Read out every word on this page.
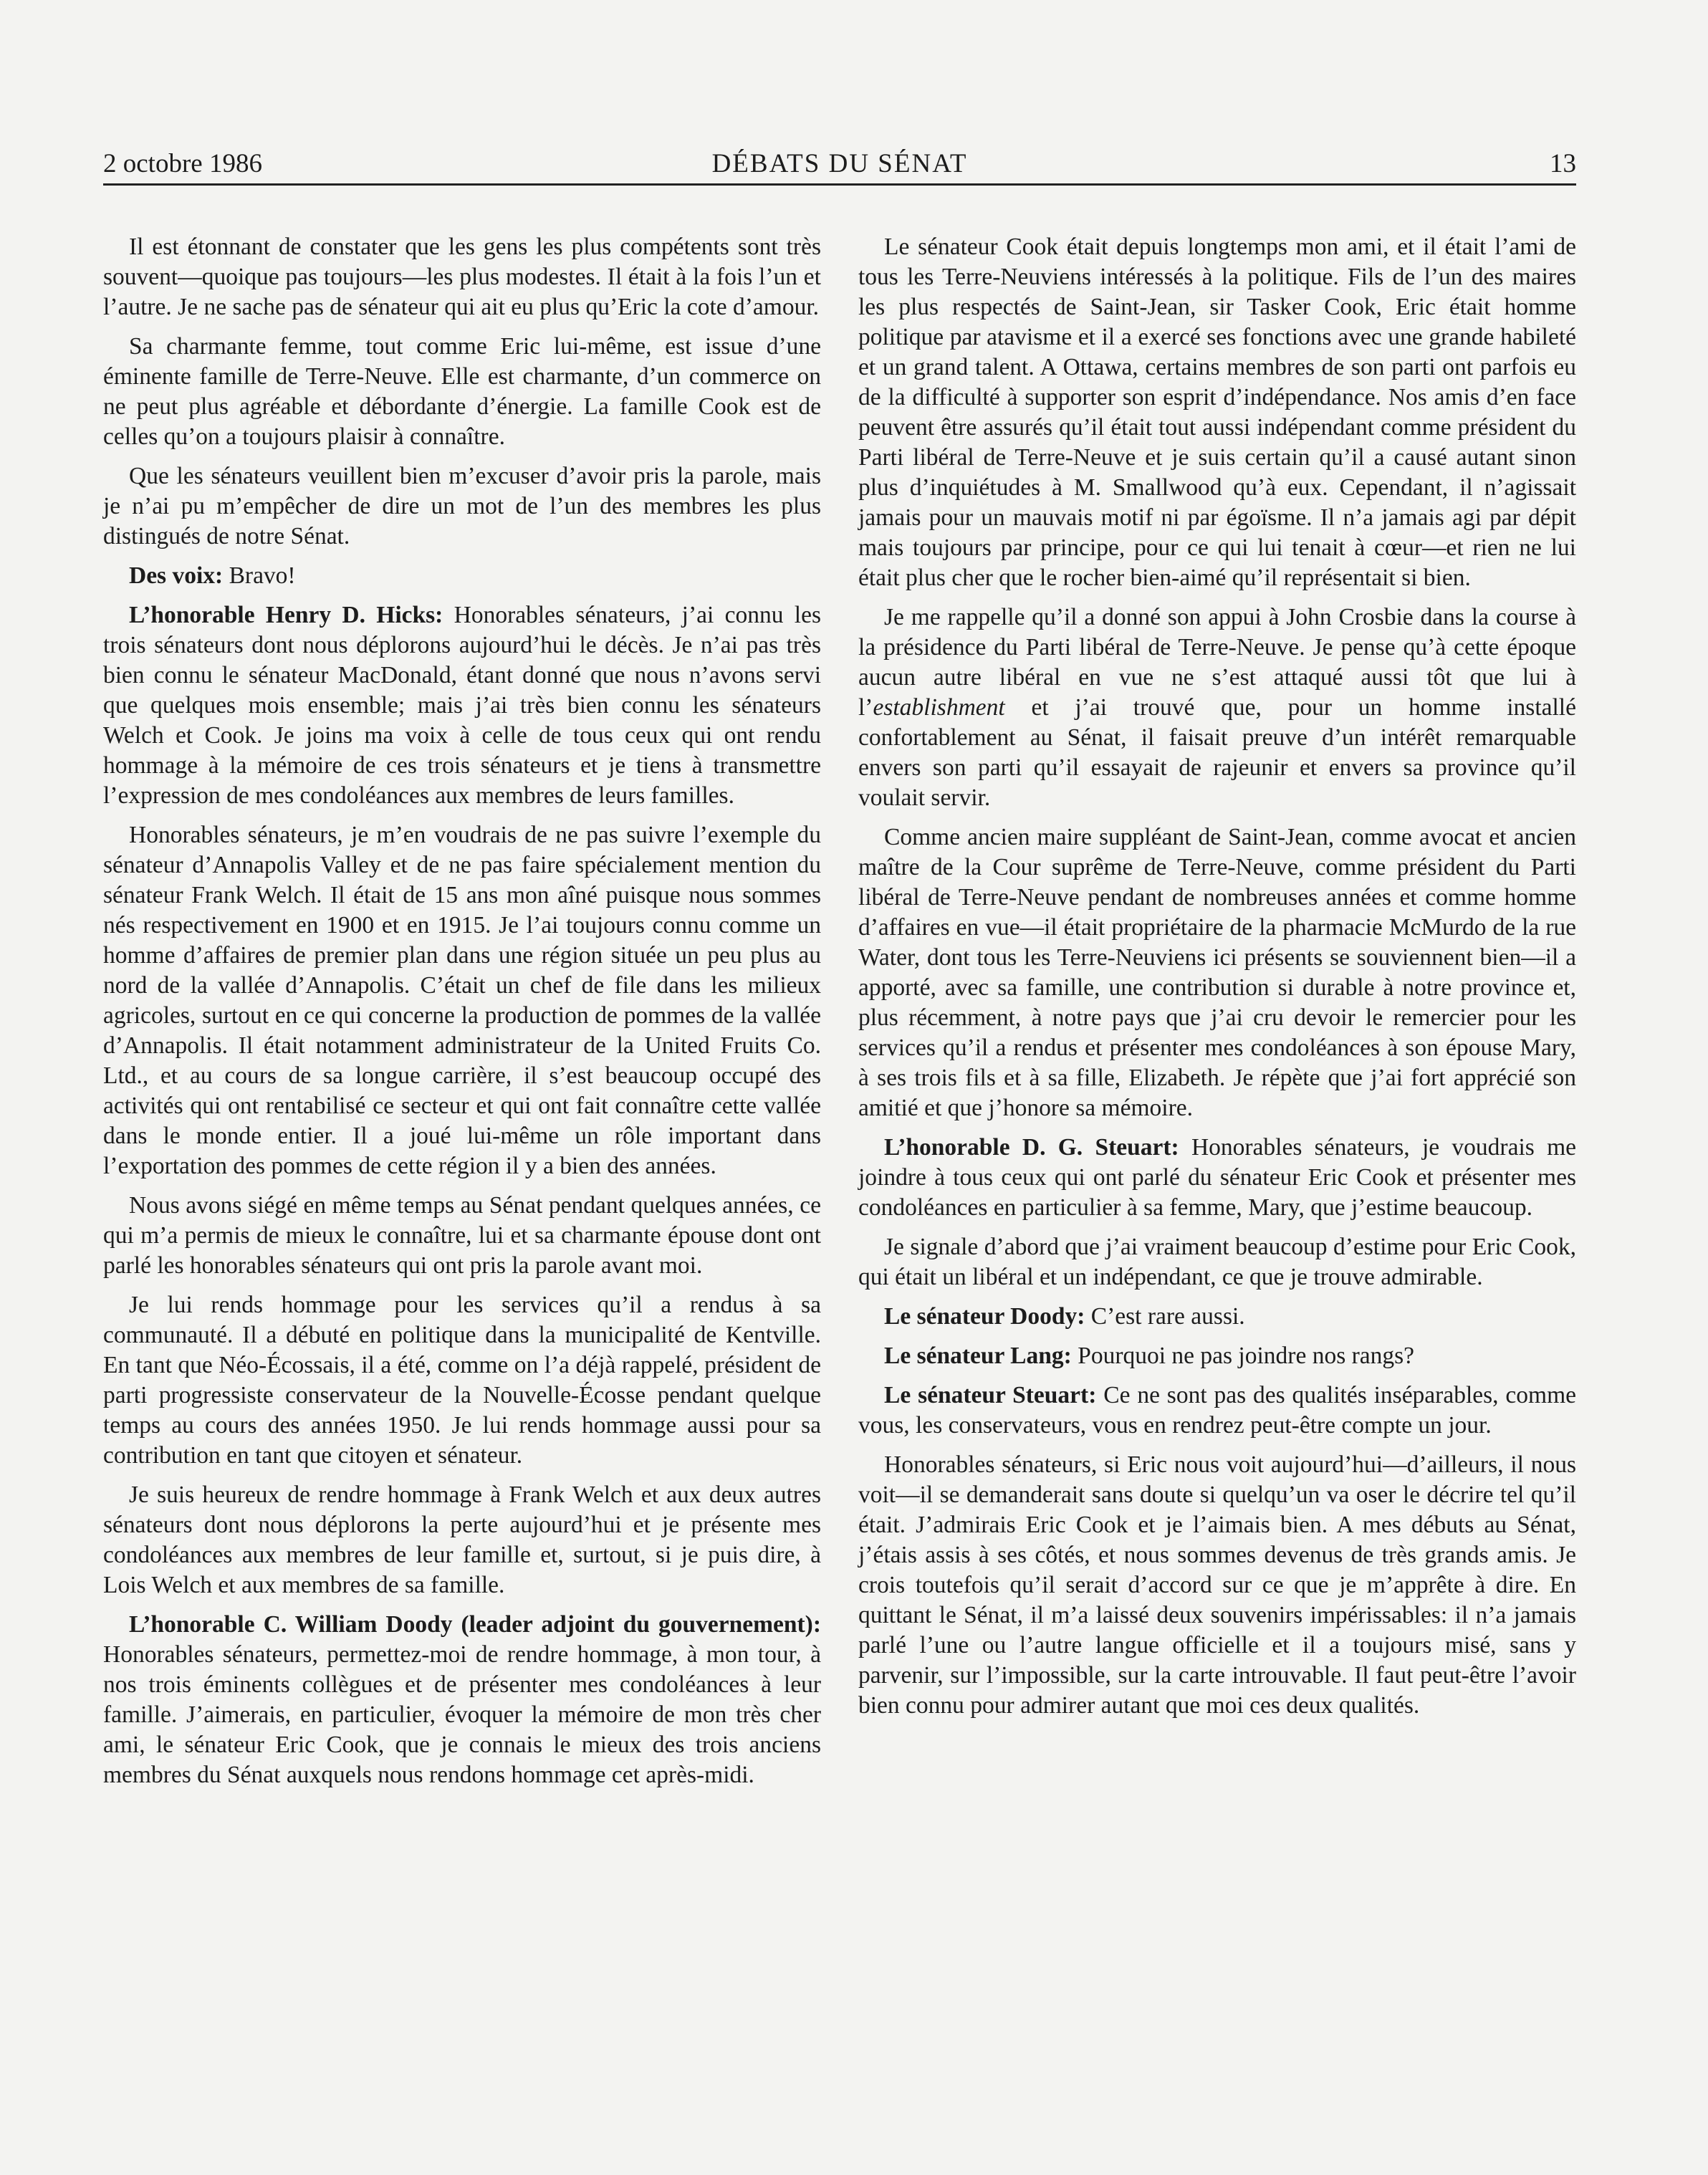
2 octobre 1986	DÉBATS DU SÉNAT	13

Il est étonnant de constater que les gens les plus compétents sont très souvent—quoique pas toujours—les plus modestes. Il était à la fois l’un et l’autre. Je ne sache pas de sénateur qui ait eu plus qu’Eric la cote d’amour.

Sa charmante femme, tout comme Eric lui-même, est issue d’une éminente famille de Terre-Neuve. Elle est charmante, d’un commerce on ne peut plus agréable et débordante d’énergie. La famille Cook est de celles qu’on a toujours plaisir à connaître.

Que les sénateurs veuillent bien m’excuser d’avoir pris la parole, mais je n’ai pu m’empêcher de dire un mot de l’un des membres les plus distingués de notre Sénat.

Des voix: Bravo!

L’honorable Henry D. Hicks: Honorables sénateurs, j’ai connu les trois sénateurs dont nous déplorons aujourd’hui le décès. Je n’ai pas très bien connu le sénateur MacDonald, étant donné que nous n’avons servi que quelques mois ensemble; mais j’ai très bien connu les sénateurs Welch et Cook. Je joins ma voix à celle de tous ceux qui ont rendu hommage à la mémoire de ces trois sénateurs et je tiens à transmettre l’expression de mes condoléances aux membres de leurs familles.

Honorables sénateurs, je m’en voudrais de ne pas suivre l’exemple du sénateur d’Annapolis Valley et de ne pas faire spécialement mention du sénateur Frank Welch. Il était de 15 ans mon aîné puisque nous sommes nés respectivement en 1900 et en 1915. Je l’ai toujours connu comme un homme d’affaires de premier plan dans une région située un peu plus au nord de la vallée d’Annapolis. C’était un chef de file dans les milieux agricoles, surtout en ce qui concerne la production de pommes de la vallée d’Annapolis. Il était notamment administrateur de la United Fruits Co. Ltd., et au cours de sa longue carrière, il s’est beaucoup occupé des activités qui ont rentabilisé ce secteur et qui ont fait connaître cette vallée dans le monde entier. Il a joué lui-même un rôle important dans l’exportation des pommes de cette région il y a bien des années.

Nous avons siégé en même temps au Sénat pendant quelques années, ce qui m’a permis de mieux le connaître, lui et sa charmante épouse dont ont parlé les honorables sénateurs qui ont pris la parole avant moi.

Je lui rends hommage pour les services qu’il a rendus à sa communauté. Il a débuté en politique dans la municipalité de Kentville. En tant que Néo-Écossais, il a été, comme on l’a déjà rappelé, président de parti progressiste conservateur de la Nouvelle-Écosse pendant quelque temps au cours des années 1950. Je lui rends hommage aussi pour sa contribution en tant que citoyen et sénateur.

Je suis heureux de rendre hommage à Frank Welch et aux deux autres sénateurs dont nous déplorons la perte aujourd’hui et je présente mes condoléances aux membres de leur famille et, surtout, si je puis dire, à Lois Welch et aux membres de sa famille.

L’honorable C. William Doody (leader adjoint du gouvernement): Honorables sénateurs, permettez-moi de rendre hommage, à mon tour, à nos trois éminents collègues et de présenter mes condoléances à leur famille. J’aimerais, en particulier, évoquer la mémoire de mon très cher ami, le sénateur Eric Cook, que je connais le mieux des trois anciens membres du Sénat auxquels nous rendons hommage cet après-midi.

Le sénateur Cook était depuis longtemps mon ami, et il était l’ami de tous les Terre-Neuviens intéressés à la politique. Fils de l’un des maires les plus respectés de Saint-Jean, sir Tasker Cook, Eric était homme politique par atavisme et il a exercé ses fonctions avec une grande habileté et un grand talent. A Ottawa, certains membres de son parti ont parfois eu de la difficulté à supporter son esprit d’indépendance. Nos amis d’en face peuvent être assurés qu’il était tout aussi indépendant comme président du Parti libéral de Terre-Neuve et je suis certain qu’il a causé autant sinon plus d’inquiétudes à M. Smallwood qu’à eux. Cependant, il n’agissait jamais pour un mauvais motif ni par égoïsme. Il n’a jamais agi par dépit mais toujours par principe, pour ce qui lui tenait à cœur—et rien ne lui était plus cher que le rocher bien-aimé qu’il représentait si bien.

Je me rappelle qu’il a donné son appui à John Crosbie dans la course à la présidence du Parti libéral de Terre-Neuve. Je pense qu’à cette époque aucun autre libéral en vue ne s’est attaqué aussi tôt que lui à l’establishment et j’ai trouvé que, pour un homme installé confortablement au Sénat, il faisait preuve d’un intérêt remarquable envers son parti qu’il essayait de rajeunir et envers sa province qu’il voulait servir.

Comme ancien maire suppléant de Saint-Jean, comme avocat et ancien maître de la Cour suprême de Terre-Neuve, comme président du Parti libéral de Terre-Neuve pendant de nombreuses années et comme homme d’affaires en vue—il était propriétaire de la pharmacie McMurdo de la rue Water, dont tous les Terre-Neuviens ici présents se souviennent bien—il a apporté, avec sa famille, une contribution si durable à notre province et, plus récemment, à notre pays que j’ai cru devoir le remercier pour les services qu’il a rendus et présenter mes condoléances à son épouse Mary, à ses trois fils et à sa fille, Elizabeth. Je répète que j’ai fort apprécié son amitié et que j’honore sa mémoire.

L’honorable D. G. Steuart: Honorables sénateurs, je voudrais me joindre à tous ceux qui ont parlé du sénateur Eric Cook et présenter mes condoléances en particulier à sa femme, Mary, que j’estime beaucoup.

Je signale d’abord que j’ai vraiment beaucoup d’estime pour Eric Cook, qui était un libéral et un indépendant, ce que je trouve admirable.

Le sénateur Doody: C’est rare aussi.

Le sénateur Lang: Pourquoi ne pas joindre nos rangs?

Le sénateur Steuart: Ce ne sont pas des qualités inséparables, comme vous, les conservateurs, vous en rendrez peut-être compte un jour.

Honorables sénateurs, si Eric nous voit aujourd’hui—d’ailleurs, il nous voit—il se demanderait sans doute si quelqu’un va oser le décrire tel qu’il était. J’admirais Eric Cook et je l’aimais bien. A mes débuts au Sénat, j’étais assis à ses côtés, et nous sommes devenus de très grands amis. Je crois toutefois qu’il serait d’accord sur ce que je m’apprête à dire. En quittant le Sénat, il m’a laissé deux souvenirs impérissables: il n’a jamais parlé l’une ou l’autre langue officielle et il a toujours misé, sans y parvenir, sur l’impossible, sur la carte introuvable. Il faut peut-être l’avoir bien connu pour admirer autant que moi ces deux qualités.
